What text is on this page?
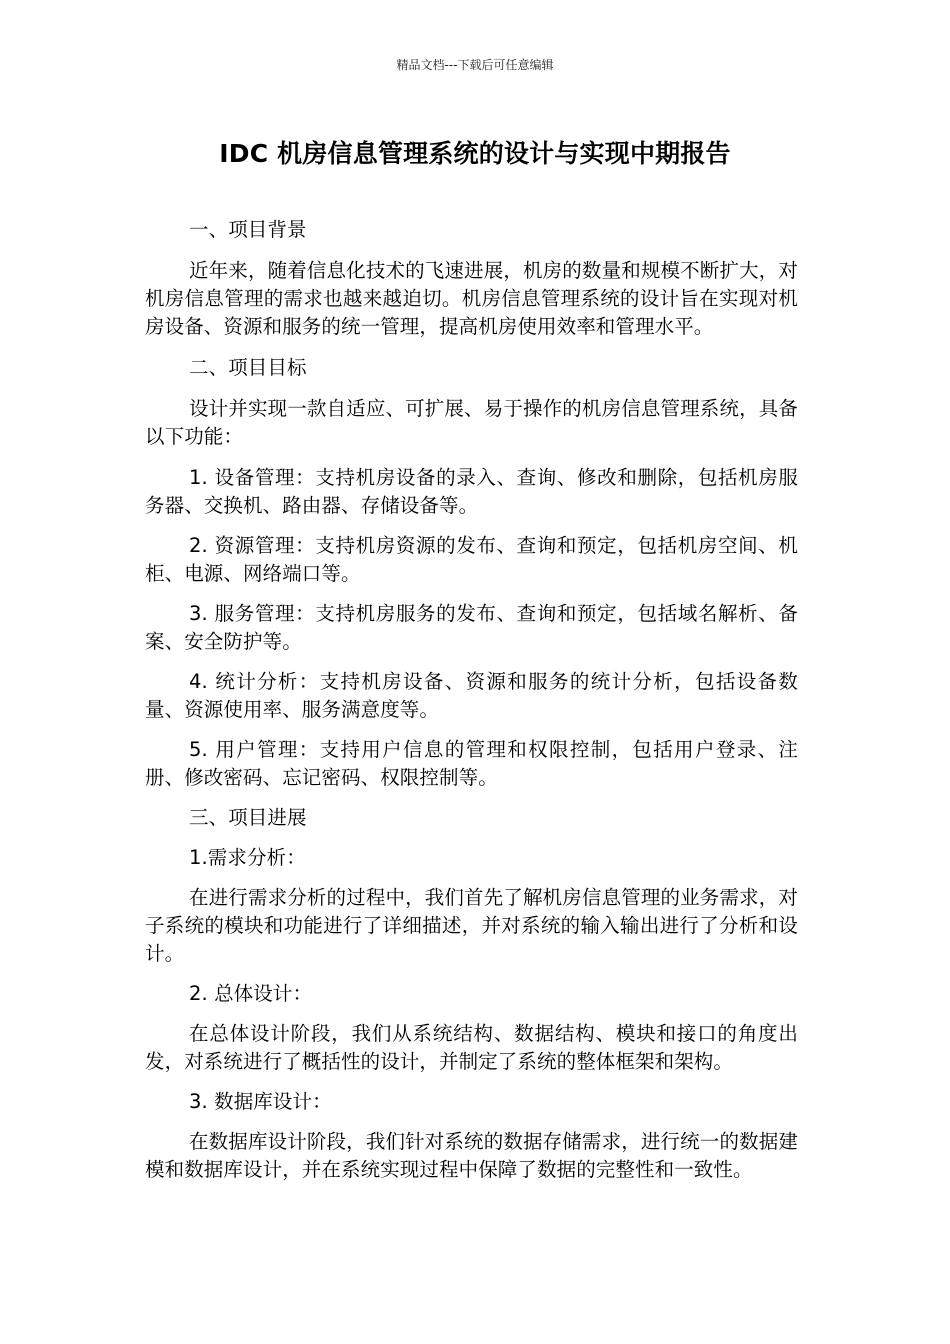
精品文档---下载后可任意编辑
IDC 机房信息管理系统的设计与实现中期报告

一、项目背景

近年来，随着信息化技术的飞速进展，机房的数量和规模不断扩大，对机房信息管理的需求也越来越迫切。机房信息管理系统的设计旨在实现对机房设备、资源和服务的统一管理，提高机房使用效率和管理水平。

二、项目目标

设计并实现一款自适应、可扩展、易于操作的机房信息管理系统，具备以下功能：

1. 设备管理：支持机房设备的录入、查询、修改和删除，包括机房服务器、交换机、路由器、存储设备等。

2. 资源管理：支持机房资源的发布、查询和预定，包括机房空间、机柜、电源、网络端口等。

3. 服务管理：支持机房服务的发布、查询和预定，包括域名解析、备案、安全防护等。

4. 统计分析：支持机房设备、资源和服务的统计分析，包括设备数量、资源使用率、服务满意度等。

5. 用户管理：支持用户信息的管理和权限控制，包括用户登录、注册、修改密码、忘记密码、权限控制等。

三、项目进展

1.需求分析：

在进行需求分析的过程中，我们首先了解机房信息管理的业务需求，对子系统的模块和功能进行了详细描述，并对系统的输入输出进行了分析和设计。

2. 总体设计：

在总体设计阶段，我们从系统结构、数据结构、模块和接口的角度出发，对系统进行了概括性的设计，并制定了系统的整体框架和架构。

3. 数据库设计：

在数据库设计阶段，我们针对系统的数据存储需求，进行统一的数据建模和数据库设计，并在系统实现过程中保障了数据的完整性和一致性。
